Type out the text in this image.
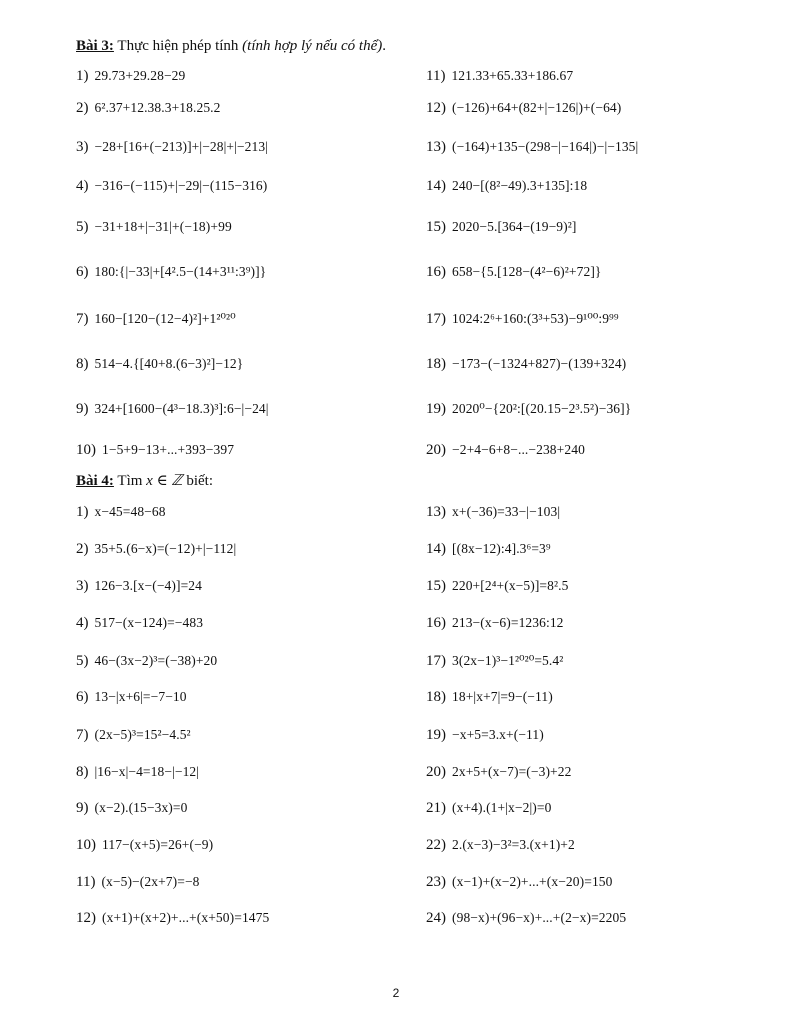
Bài 3: Thực hiện phép tính (tính hợp lý nếu có thể).
1) 29.73+29.28−29	11) 121.33+65.33+186.67
2) 6².37+12.38.3+18.25.2	12) (−126)+64+(82+|−126|)+(−64)
3) −28+[16+(−213)]+|−28|+|−213|	13) (−164)+135−(298−|−164|)−|−135|
4) −316−(−115)+|−29|−(115−316)	14) 240−[(8²−49).3+135]:18
5) −31+18+|−31|+(−18)+99	15) 2020−5.[364−(19−9)²]
6) 180:{|−33|+[4².5−(14+3¹¹:3⁹)]}	16) 658−{5.[128−(4²−6)²+72]}
7) 160−[120−(12−4)²]+1²⁰²⁰	17) 1024:2⁶+160:(3³+53)−9¹⁰⁰:9⁹⁹
8) 514−4.{[40+8.(6−3)²]−12}	18) −173−(−1324+827)−(139+324)
9) 324+[1600−(4³−18.3)³]:6−|−24|	19) 2020⁰−{20²:[(20.15−2³.5²)−36]}
10) 1−5+9−13+...+393−397	20) −2+4−6+8−...−238+240
Bài 4: Tìm x ∈ ℤ biết:
1) x−45=48−68	13) x+(−36)=33−|−103|
2) 35+5.(6−x)=(−12)+|−112|	14) [(8x−12):4].3⁶=3⁹
3) 126−3.[x−(−4)]=24	15) 220+[2⁴+(x−5)]=8².5
4) 517−(x−124)=−483	16) 213−(x−6)=1236:12
5) 46−(3x−2)³=(−38)+20	17) 3(2x−1)³−1²⁰²⁰=5.4²
6) 13−|x+6|=−7−10	18) 18+|x+7|=9−(−11)
7) (2x−5)³=15²−4.5²	19) −x+5=3.x+(−11)
8) |16−x|−4=18−|−12|	20) 2x+5+(x−7)=(−3)+22
9) (x−2).(15−3x)=0	21) (x+4).(1+|x−2|)=0
10) 117−(x+5)=26+(−9)	22) 2.(x−3)−3²=3.(x+1)+2
11) (x−5)−(2x+7)=−8	23) (x−1)+(x−2)+...+(x−20)=150
12) (x+1)+(x+2)+...+(x+50)=1475	24) (98−x)+(96−x)+...+(2−x)=2205
2
